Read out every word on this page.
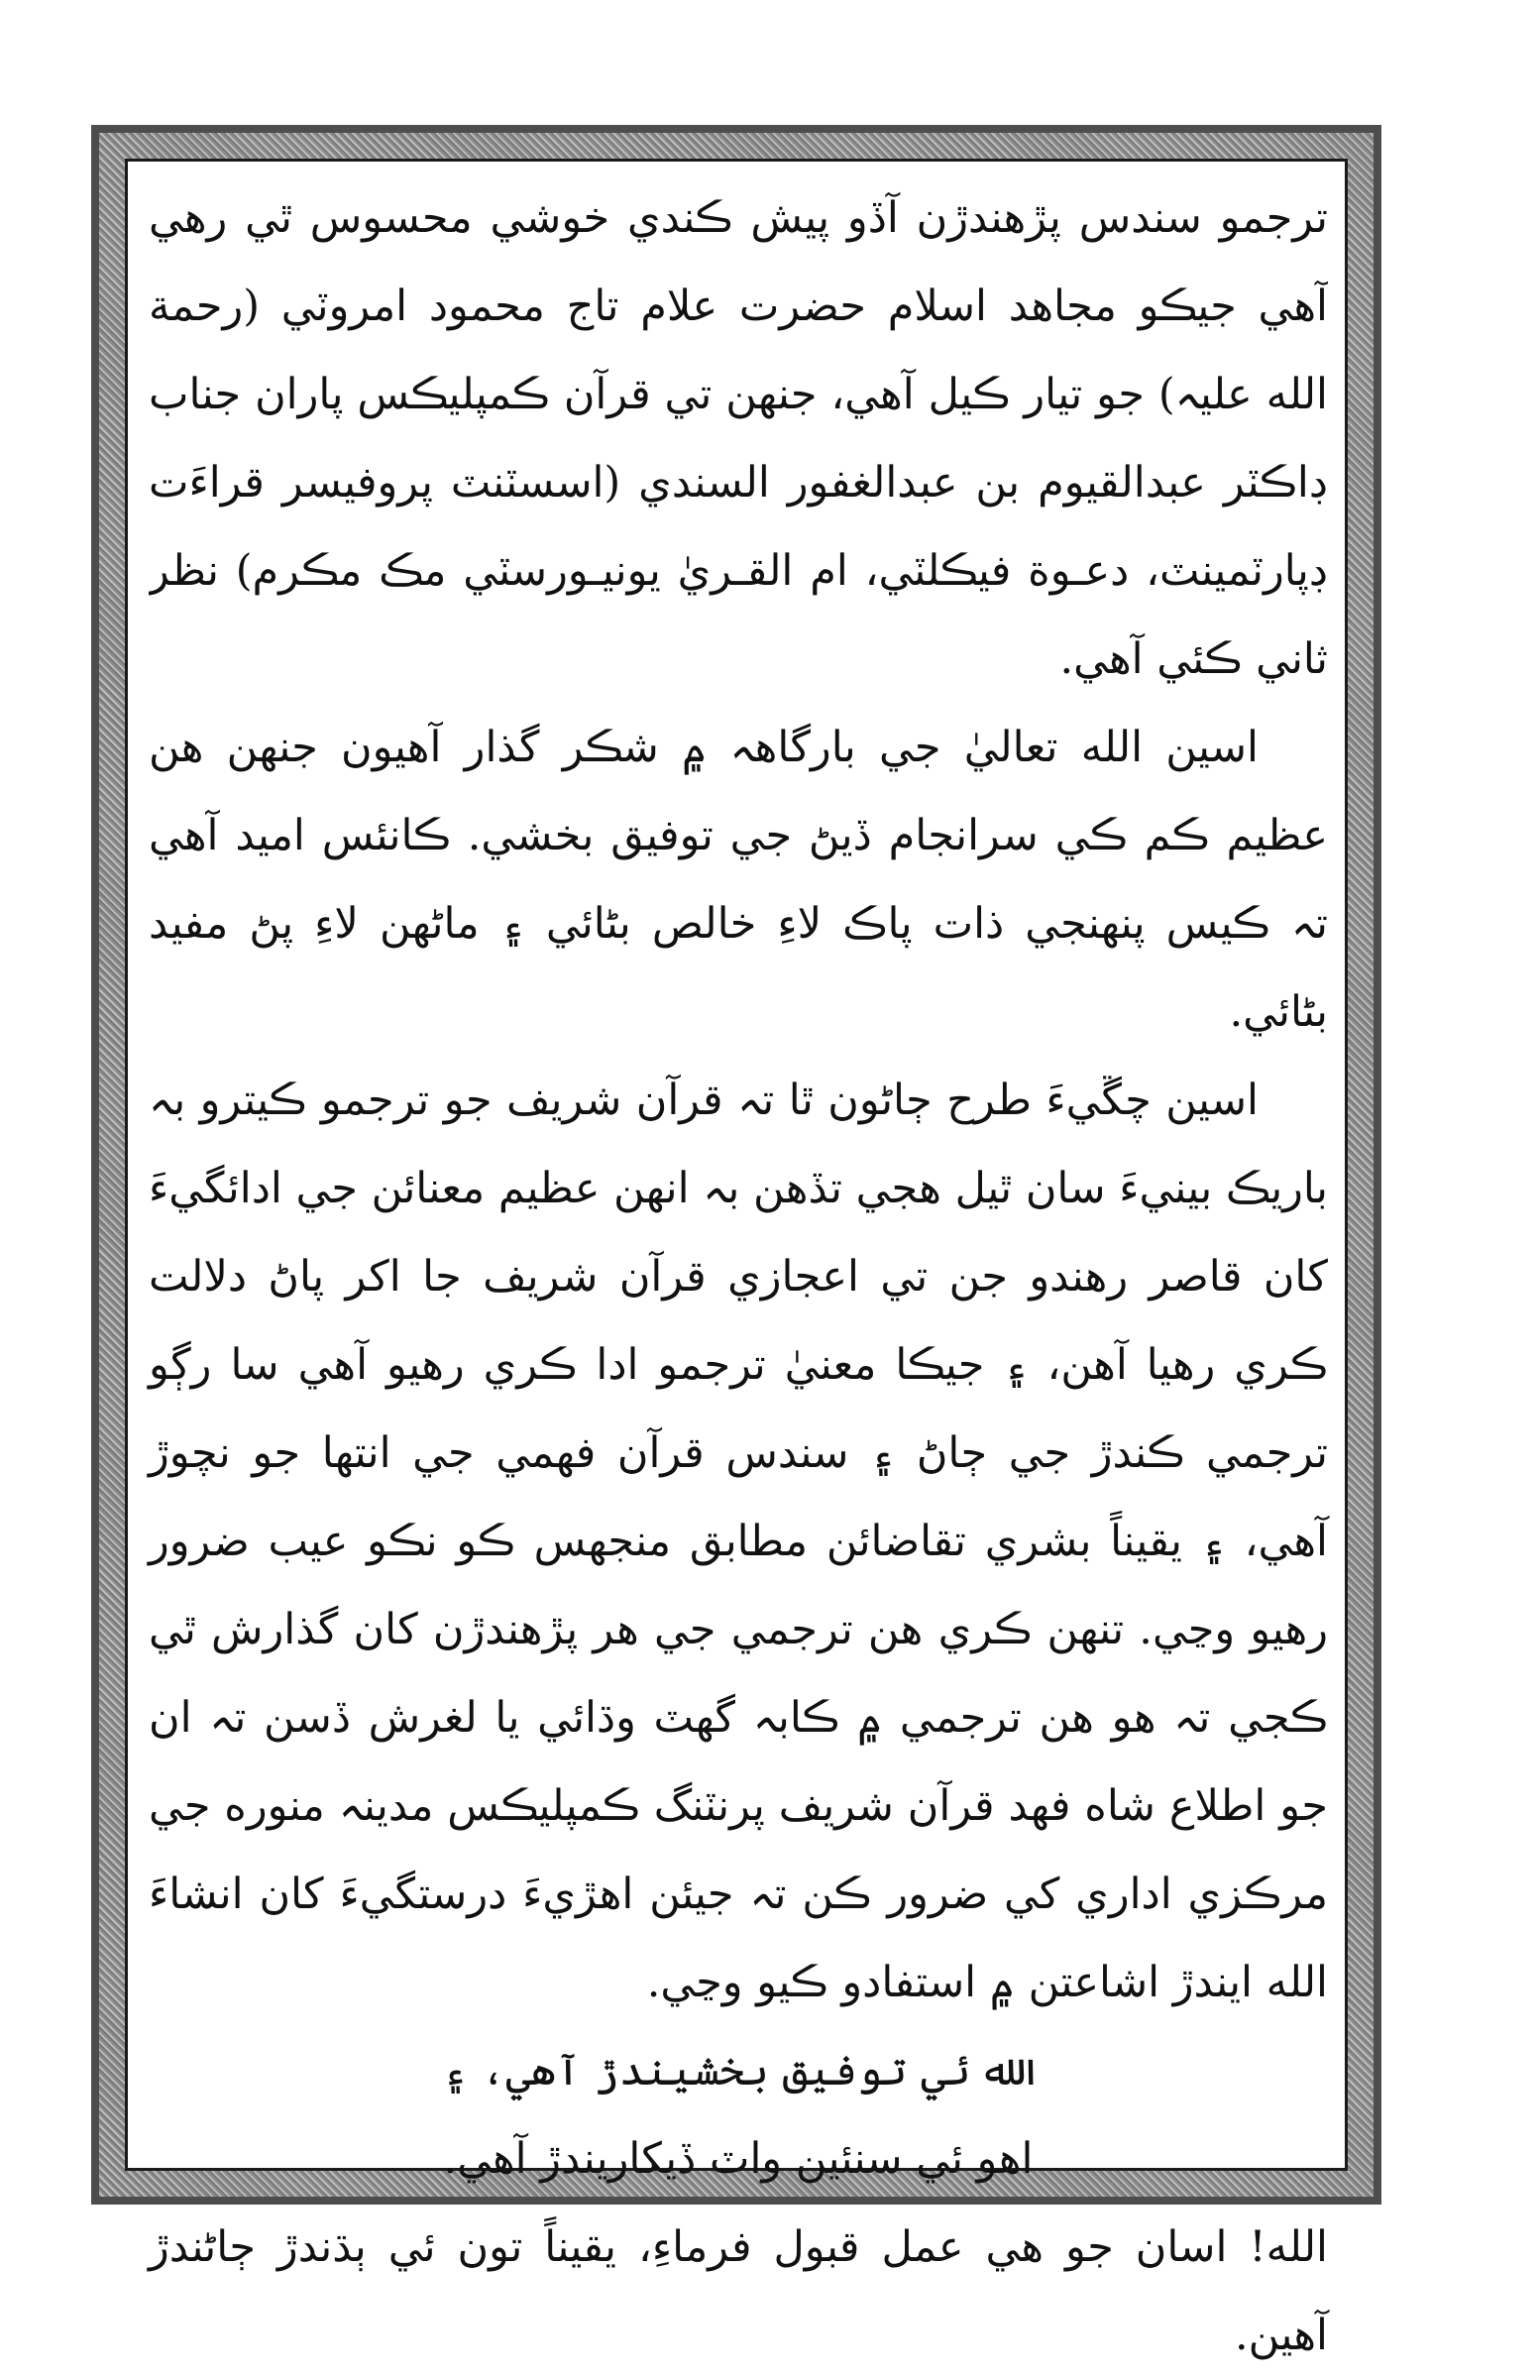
ترجمو سندس پڙهندڙن آڏو پيش ڪندي خوشي محسوس ٿي رهي آهي جيڪو مجاهد اسلام حضرت علام تاج محمود امروٽي (رحمة الله عليہ) جو تيار ڪيل آهي، جنهن تي قرآن ڪمپليڪس پاران جناب ڊاڪٽر عبدالقيوم بن عبدالغفور السندي (اسسٽنٽ پروفيسر قراءَت ڊپارٽمينٽ، دعـوة فيڪلٽي، ام القـريٰ يونيـورسٽي مڪ مڪرم) نظر ثاني ڪئي آهي.

اسين الله تعاليٰ جي بارگاهہ ۾ شڪر گذار آهيون جنهن هن عظيم ڪم ڪي سرانجام ڏيڻ جي توفيق بخشي. ڪانئس اميد آهي تہ ڪيس پنهنجي ذات پاڪ لاءِ خالص بڻائي ۽ ماڻهن لاءِ پڻ مفيد بڻائي.

اسين چڱيءَ طرح ڄاڻون ٿا تہ قرآن شريف جو ترجمو ڪيترو بہ باريڪ بينيءَ سان ٿيل هجي تڏهن بہ انهن عظيم معنائن جي ادائگيءَ کان قاصر رهندو جن تي اعجازي قرآن شريف جا اکر پاڻ دلالت ڪري رهيا آهن، ۽ جيڪا معنيٰ ترجمو ادا ڪري رهيو آهي سا رڳو ترجمي ڪندڙ جي ڄاڻ ۽ سندس قرآن فهمي جي انتها جو نچوڙ آهي، ۽ يقيناً بشري تقاضائن مطابق منجهس ڪو نڪو عيب ضرور رهيو وڃي. تنهن ڪري هن ترجمي جي هر پڙهندڙن کان گذارش ٿي ڪجي تہ هو هن ترجمي ۾ ڪابہ گهٽ وڌائي يا لغرش ڏسن تہ ان جو اطلاع شاه فهد قرآن شريف پرنٽنگ ڪمپليڪس مدينہ منوره جي مرڪزي اداري کي ضرور ڪن تہ جيئن اهڙيءَ درستگيءَ کان انشاءَ الله ايندڙ اشاعتن ۾ استفادو ڪيو وڃي.

الله ئي توفيق بخشيندڙ آهي، ۽

اهو ئي سنئين واٽ ڏيکاريندڙ آهي.

الله! اسان جو هي عمل قبول فرماءِ، يقيناً تون ئي ٻڌندڙ ڄاڻندڙ آهين.
